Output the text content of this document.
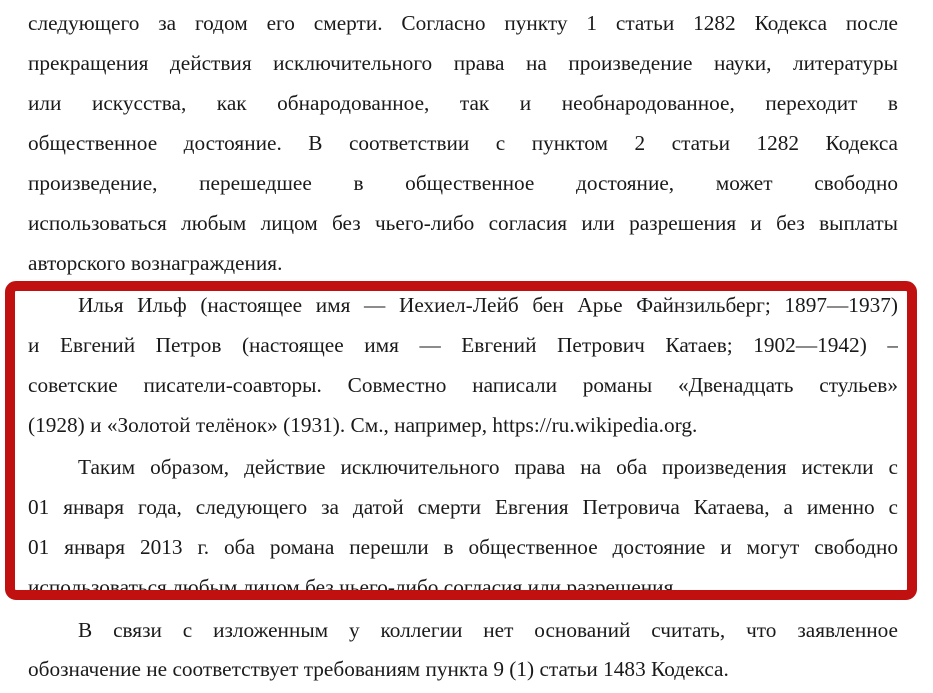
следующего за годом его смерти. Согласно пункту 1 статьи 1282 Кодекса после
прекращения действия исключительного права на произведение науки, литературы
или искусства, как обнародованное, так и необнародованное, переходит в
общественное достояние. В соответствии с пунктом 2 статьи 1282 Кодекса
произведение, перешедшее в общественное достояние, может свободно
использоваться любым лицом без чьего-либо согласия или разрешения и без выплаты
авторского вознаграждения.
Илья Ильф (настоящее имя — Иехиел-Лейб бен Арье Файнзильберг; 1897—1937)
и Евгений Петров (настоящее имя — Евгений Петрович Катаев; 1902—1942) –
советские писатели-соавторы. Совместно написали романы «Двенадцать стульев»
(1928) и «Золотой телёнок» (1931). См., например, https://ru.wikipedia.org.
Таким образом, действие исключительного права на оба произведения истекли с
01 января года, следующего за датой смерти Евгения Петровича Катаева, а именно с
01 января 2013 г. оба романа перешли в общественное достояние и могут свободно
использоваться любым лицом без чьего-либо согласия или разрешения.
В связи с изложенным у коллегии нет оснований считать, что заявленное
обозначение не соответствует требованиям пункта 9 (1) статьи 1483 Кодекса.
